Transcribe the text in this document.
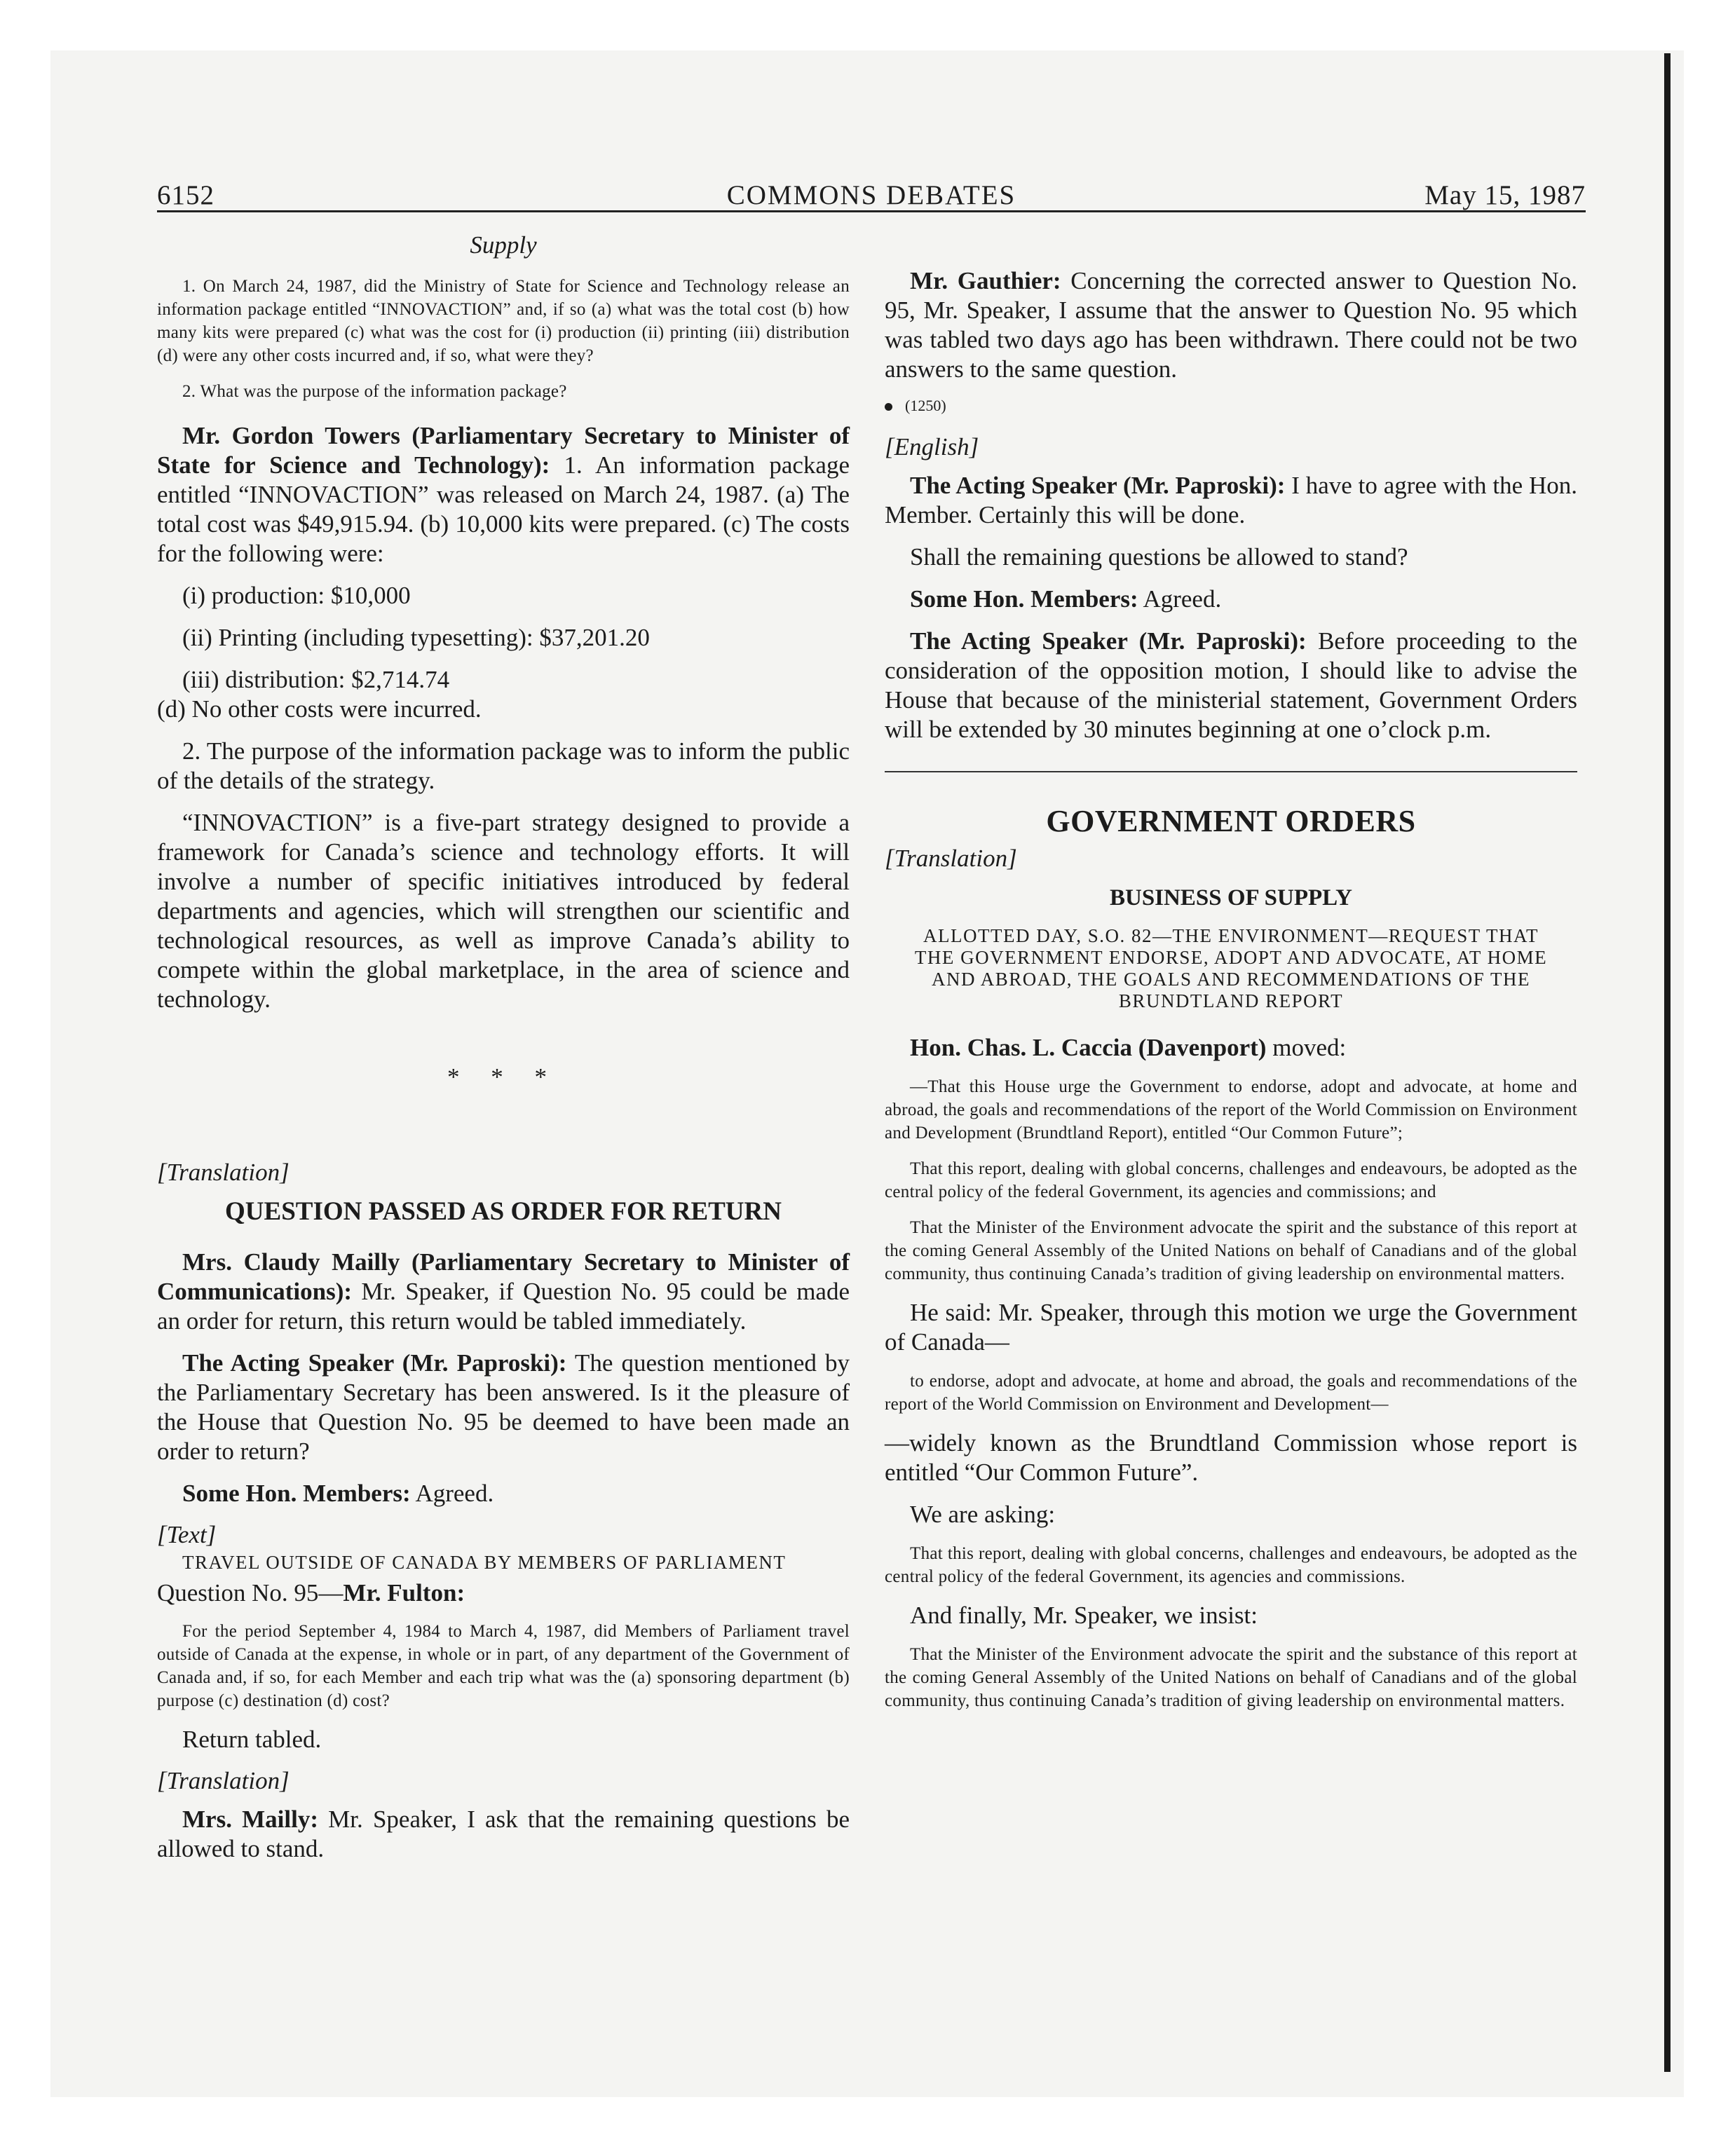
6152	COMMONS DEBATES	May 15, 1987
Supply

1. On March 24, 1987, did the Ministry of State for Science and Technology release an information package entitled “INNOVACTION” and, if so (a) what was the total cost (b) how many kits were prepared (c) what was the cost for (i) production (ii) printing (iii) distribution (d) were any other costs incurred and, if so, what were they?

2. What was the purpose of the information package?

Mr. Gordon Towers (Parliamentary Secretary to Minister of State for Science and Technology): 1. An information package entitled “INNOVACTION” was released on March 24, 1987. (a) The total cost was $49,915.94. (b) 10,000 kits were prepared. (c) The costs for the following were:

(i) production: $10,000

(ii) Printing (including typesetting): $37,201.20

(iii) distribution: $2,714.74

(d) No other costs were incurred.

2. The purpose of the information package was to inform the public of the details of the strategy.

“INNOVACTION” is a five-part strategy designed to provide a framework for Canada’s science and technology efforts. It will involve a number of specific initiatives introduced by federal departments and agencies, which will strengthen our scientific and technological resources, as well as improve Canada’s ability to compete within the global marketplace, in the area of science and technology.

* * *
[Translation]
QUESTION PASSED AS ORDER FOR RETURN

Mrs. Claudy Mailly (Parliamentary Secretary to Minister of Communications): Mr. Speaker, if Question No. 95 could be made an order for return, this return would be tabled immediately.

The Acting Speaker (Mr. Paproski): The question mentioned by the Parliamentary Secretary has been answered. Is it the pleasure of the House that Question No. 95 be deemed to have been made an order to return?

Some Hon. Members: Agreed.

[Text]
TRAVEL OUTSIDE OF CANADA BY MEMBERS OF PARLIAMENT
Question No. 95—Mr. Fulton:

For the period September 4, 1984 to March 4, 1987, did Members of Parliament travel outside of Canada at the expense, in whole or in part, of any department of the Government of Canada and, if so, for each Member and each trip what was the (a) sponsoring department (b) purpose (c) destination (d) cost?

Return tabled.

[Translation]

Mrs. Mailly: Mr. Speaker, I ask that the remaining questions be allowed to stand.

Mr. Gauthier: Concerning the corrected answer to Question No. 95, Mr. Speaker, I assume that the answer to Question No. 95 which was tabled two days ago has been withdrawn. There could not be two answers to the same question.

(1250)
[English]

The Acting Speaker (Mr. Paproski): I have to agree with the Hon. Member. Certainly this will be done.

Shall the remaining questions be allowed to stand?

Some Hon. Members: Agreed.

The Acting Speaker (Mr. Paproski): Before proceeding to the consideration of the opposition motion, I should like to advise the House that because of the ministerial statement, Government Orders will be extended by 30 minutes beginning at one o’clock p.m.

GOVERNMENT ORDERS
[Translation]
BUSINESS OF SUPPLY
ALLOTTED DAY, S.O. 82—THE ENVIRONMENT—REQUEST THAT THE GOVERNMENT ENDORSE, ADOPT AND ADVOCATE, AT HOME AND ABROAD, THE GOALS AND RECOMMENDATIONS OF THE BRUNDTLAND REPORT

Hon. Chas. L. Caccia (Davenport) moved:

—That this House urge the Government to endorse, adopt and advocate, at home and abroad, the goals and recommendations of the report of the World Commission on Environment and Development (Brundtland Report), entitled “Our Common Future”;

That this report, dealing with global concerns, challenges and endeavours, be adopted as the central policy of the federal Government, its agencies and commissions; and

That the Minister of the Environment advocate the spirit and the substance of this report at the coming General Assembly of the United Nations on behalf of Canadians and of the global community, thus continuing Canada’s tradition of giving leadership on environmental matters.

He said: Mr. Speaker, through this motion we urge the Government of Canada—

to endorse, adopt and advocate, at home and abroad, the goals and recommendations of the report of the World Commission on Environment and Development—

—widely known as the Brundtland Commission whose report is entitled “Our Common Future”.

We are asking:

That this report, dealing with global concerns, challenges and endeavours, be adopted as the central policy of the federal Government, its agencies and commissions.

And finally, Mr. Speaker, we insist:

That the Minister of the Environment advocate the spirit and the substance of this report at the coming General Assembly of the United Nations on behalf of Canadians and of the global community, thus continuing Canada’s tradition of giving leadership on environmental matters.
